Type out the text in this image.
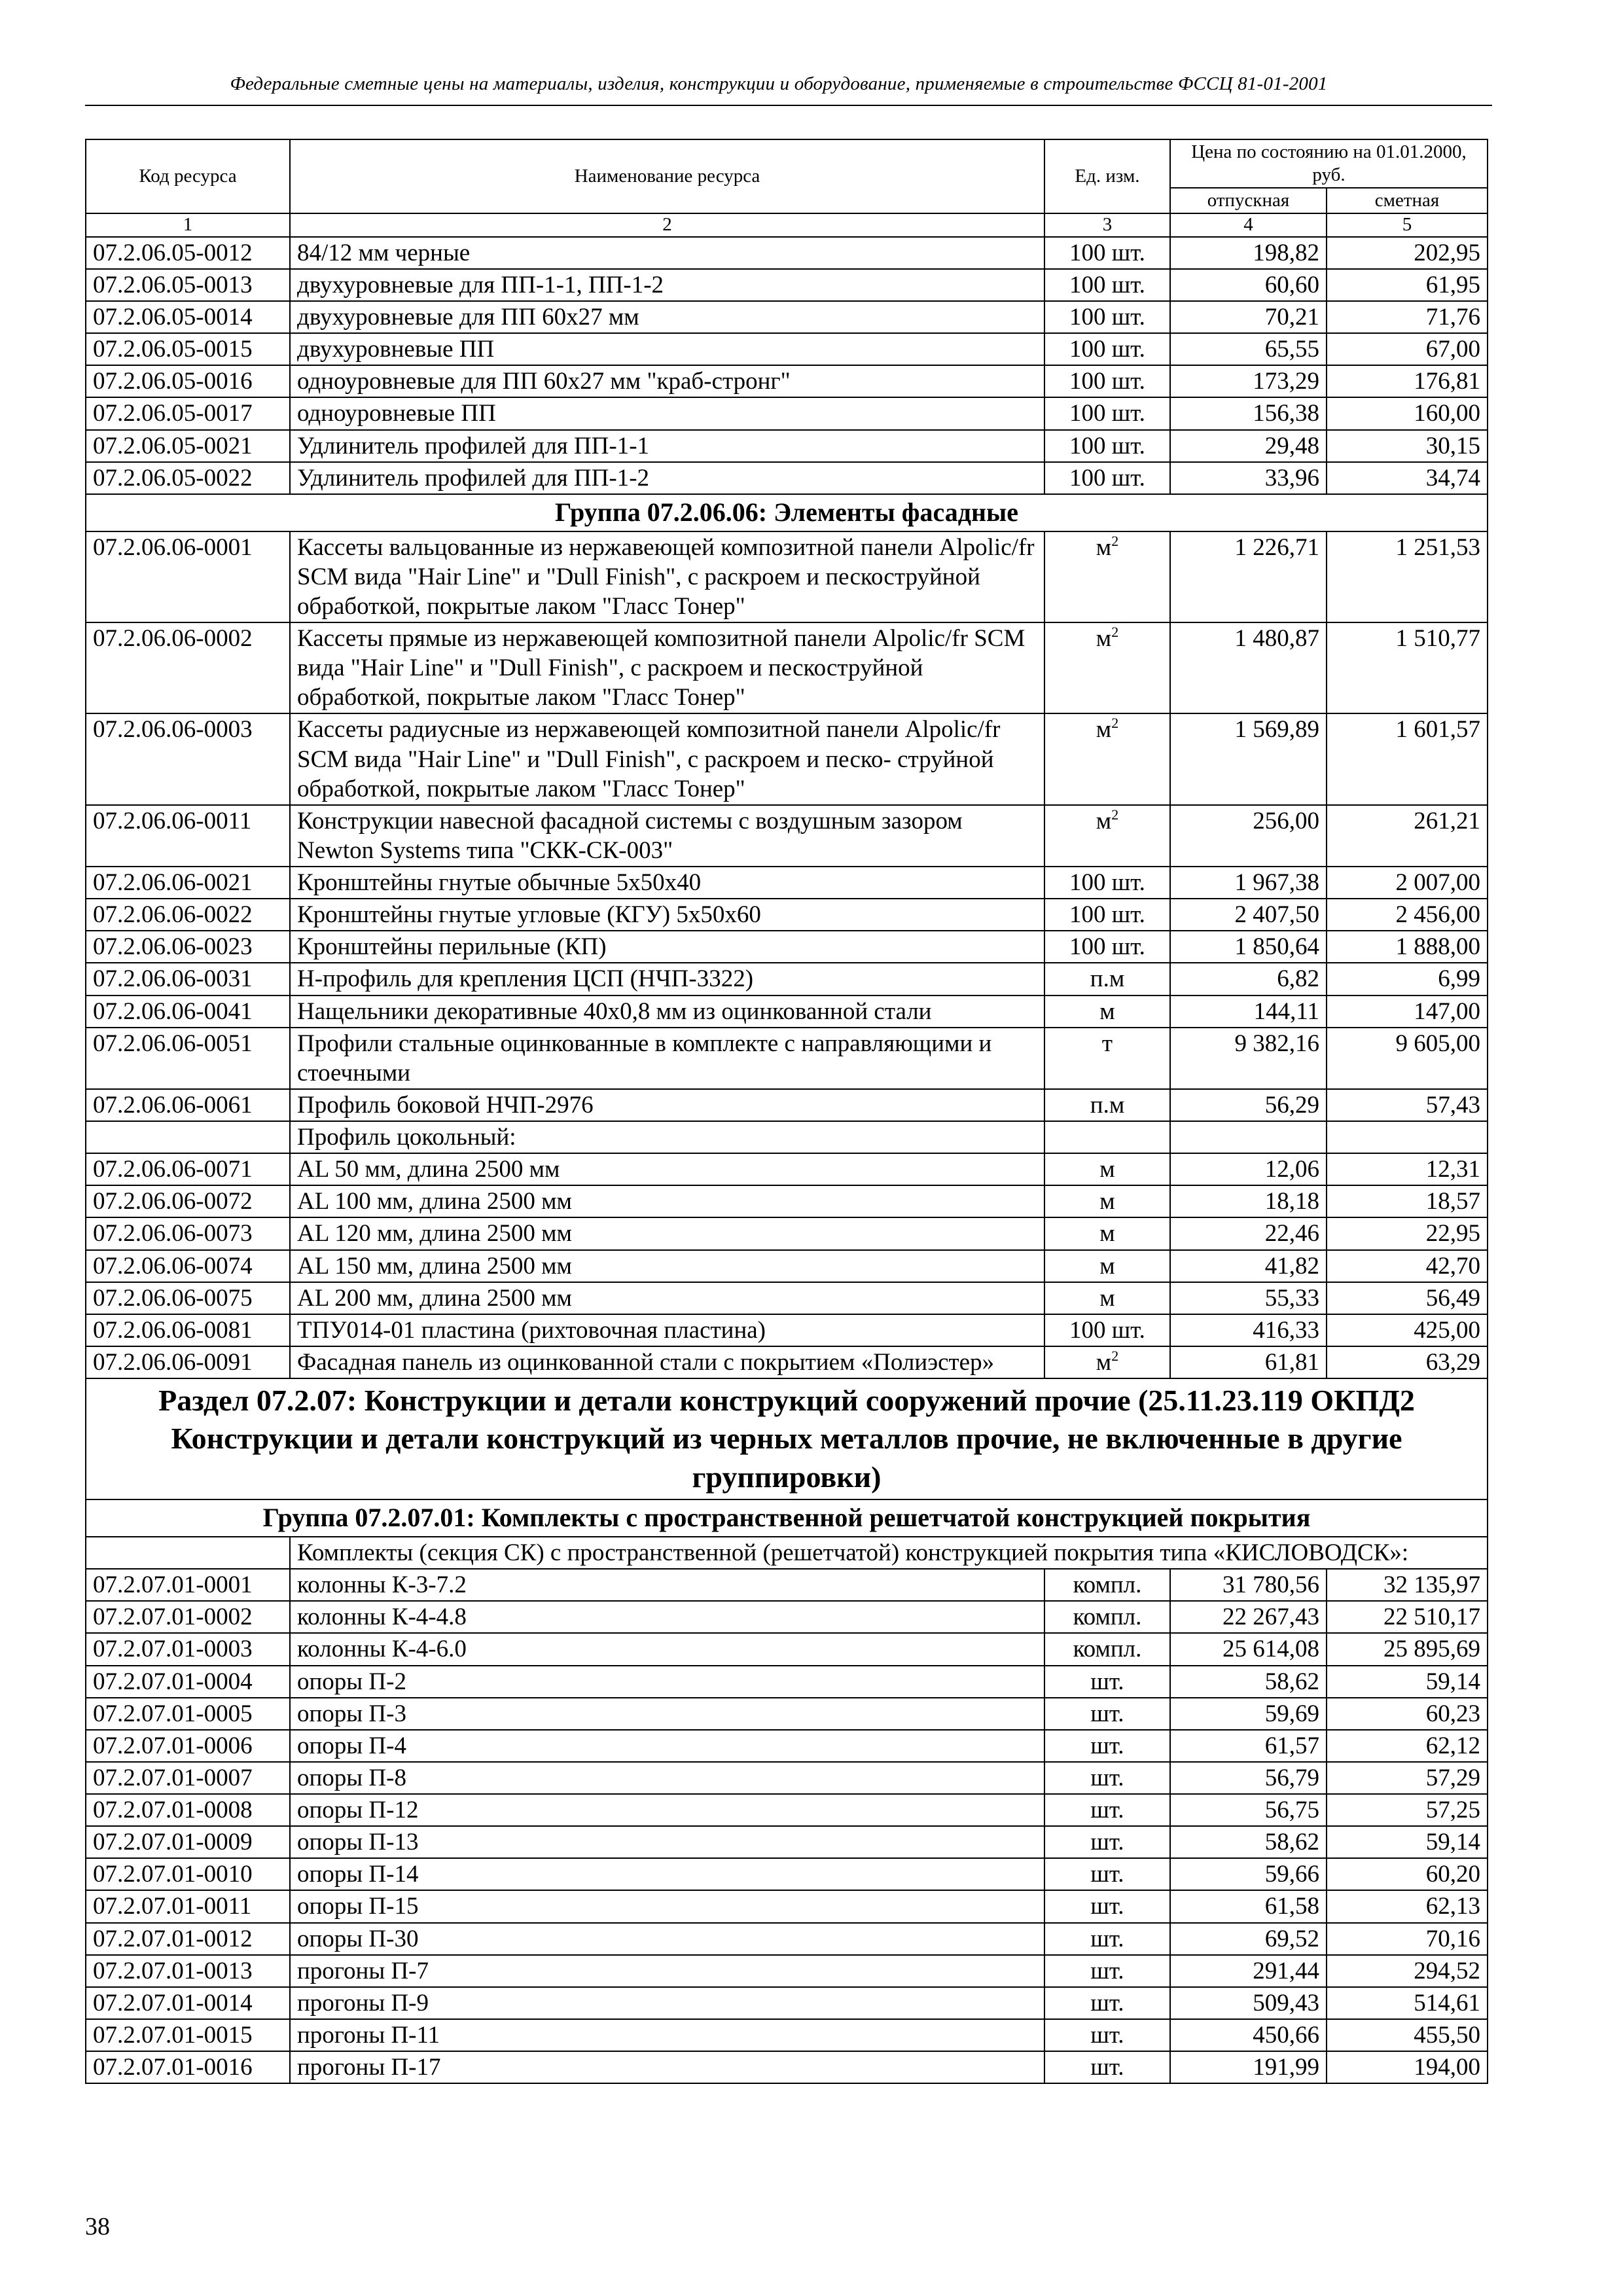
Федеральные сметные цены на материалы, изделия, конструкции и оборудование, применяемые в строительстве ФССЦ 81-01-2001
Код ресурса	Наименование ресурса	Ед. изм.	Цена по состоянию на 01.01.2000, руб.	
			отпускная	сметная
1	2	3	4	5
07.2.06.05-0012	84/12 мм черные	100 шт.	198,82	202,95
07.2.06.05-0013	двухуровневые для ПП-1-1, ПП-1-2	100 шт.	60,60	61,95
07.2.06.05-0014	двухуровневые для ПП 60х27 мм	100 шт.	70,21	71,76
07.2.06.05-0015	двухуровневые ПП	100 шт.	65,55	67,00
07.2.06.05-0016	одноуровневые для ПП 60х27 мм "краб-стронг"	100 шт.	173,29	176,81
07.2.06.05-0017	одноуровневые ПП	100 шт.	156,38	160,00
07.2.06.05-0021	Удлинитель профилей для ПП-1-1	100 шт.	29,48	30,15
07.2.06.05-0022	Удлинитель профилей для ПП-1-2	100 шт.	33,96	34,74
Группа 07.2.06.06: Элементы фасадные				
07.2.06.06-0001	Кассеты вальцованные из нержавеющей композитной панели Alpolic/fr SCM вида "Hair Line" и "Dull Finish", с раскроем и пескоструйной обработкой, покрытые лаком "Гласс Тонер"	$м^2$	1 226,71	1 251,53
07.2.06.06-0002	Кассеты прямые из нержавеющей композитной панели Alpolic/fr SCM вида "Hair Line" и "Dull Finish", с раскроем и пескоструйной обработкой, покрытые лаком "Гласс Тонер"	$м^2$	1 480,87	1 510,77
07.2.06.06-0003	Кассеты радиусные из нержавеющей композитной панели Alpolic/fr SCM вида "Hair Line" и "Dull Finish", с раскроем и песко- струйной обработкой, покрытые лаком "Гласс Тонер"	$м^2$	1 569,89	1 601,57
07.2.06.06-0011	Конструкции навесной фасадной системы с воздушным зазором Newton Systems типа "СКК-СК-003"	$м^2$	256,00	261,21
07.2.06.06-0021	Кронштейны гнутые обычные 5х50х40	100 шт.	1 967,38	2 007,00
07.2.06.06-0022	Кронштейны гнутые угловые (КГУ) 5х50х60	100 шт.	2 407,50	2 456,00
07.2.06.06-0023	Кронштейны перильные (КП)	100 шт.	1 850,64	1 888,00
07.2.06.06-0031	Н-профиль для крепления ЦСП (НЧП-3322)	п.м	6,82	6,99
07.2.06.06-0041	Нащельники декоративные 40х0,8 мм из оцинкованной стали	м	144,11	147,00
07.2.06.06-0051	Профили стальные оцинкованные в комплекте с направляющими и стоечными	т	9 382,16	9 605,00
07.2.06.06-0061	Профиль боковой НЧП-2976	п.м	56,29	57,43
	Профиль цокольный:			
07.2.06.06-0071	AL 50 мм, длина 2500 мм	м	12,06	12,31
07.2.06.06-0072	AL 100 мм, длина 2500 мм	м	18,18	18,57
07.2.06.06-0073	AL 120 мм, длина 2500 мм	м	22,46	22,95
07.2.06.06-0074	AL 150 мм, длина 2500 мм	м	41,82	42,70
07.2.06.06-0075	AL 200 мм, длина 2500 мм	м	55,33	56,49
07.2.06.06-0081	ТПУ014-01 пластина (рихтовочная пластина)	100 шт.	416,33	425,00
07.2.06.06-0091	Фасадная панель из оцинкованной стали с покрытием «Полиэстер»	$м^2$	61,81	63,29
Раздел 07.2.07: Конструкции и детали конструкций сооружений прочие (25.11.23.119 ОКПД2 Конструкции и детали конструкций из черных металлов прочие, не включенные в другие группировки)				
Группа 07.2.07.01: Комплекты с пространственной решетчатой конструкцией покрытия				
	Комплекты (секция СК) с пространственной (решетчатой) конструкцией покрытия типа «КИСЛОВОДСК»:			
07.2.07.01-0001	колонны К-3-7.2	компл.	31 780,56	32 135,97
07.2.07.01-0002	колонны К-4-4.8	компл.	22 267,43	22 510,17
07.2.07.01-0003	колонны К-4-6.0	компл.	25 614,08	25 895,69
07.2.07.01-0004	опоры П-2	шт.	58,62	59,14
07.2.07.01-0005	опоры П-3	шт.	59,69	60,23
07.2.07.01-0006	опоры П-4	шт.	61,57	62,12
07.2.07.01-0007	опоры П-8	шт.	56,79	57,29
07.2.07.01-0008	опоры П-12	шт.	56,75	57,25
07.2.07.01-0009	опоры П-13	шт.	58,62	59,14
07.2.07.01-0010	опоры П-14	шт.	59,66	60,20
07.2.07.01-0011	опоры П-15	шт.	61,58	62,13
07.2.07.01-0012	опоры П-30	шт.	69,52	70,16
07.2.07.01-0013	прогоны П-7	шт.	291,44	294,52
07.2.07.01-0014	прогоны П-9	шт.	509,43	514,61
07.2.07.01-0015	прогоны П-11	шт.	450,66	455,50
07.2.07.01-0016	прогоны П-17	шт.	191,99	194,00
38
